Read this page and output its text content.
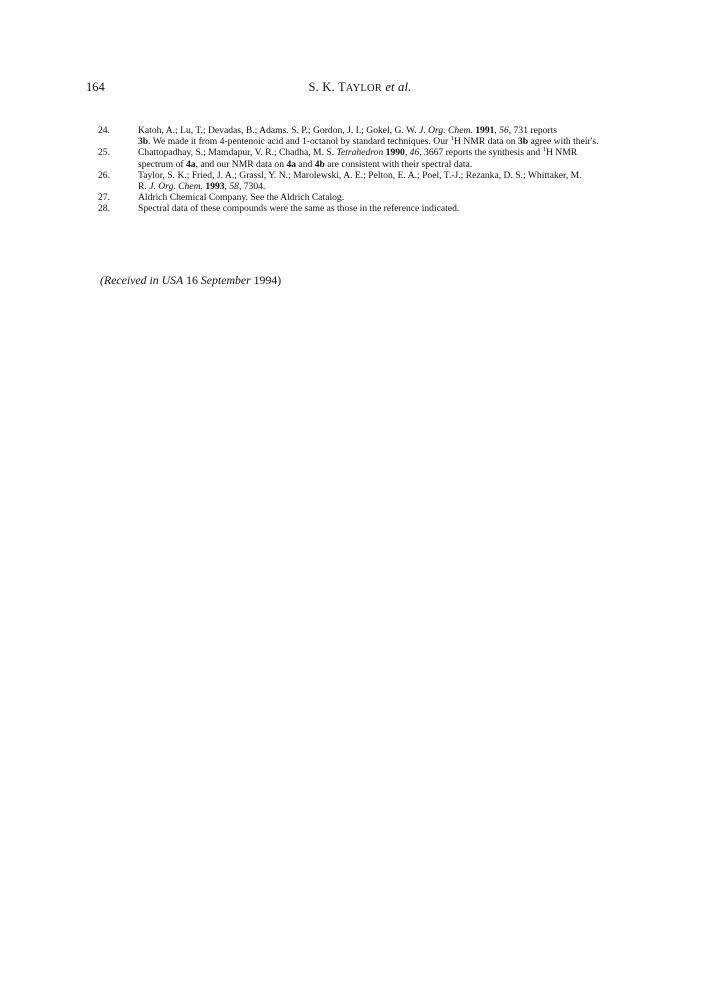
164	S. K. TAYLOR et al.
24.	Katoh, A.; Lu, T.; Devadas, B.; Adams. S. P.; Gordon, J. I.; Gokel, G. W. J. Org. Chem. 1991, 56, 731 reports
3b. We made it from 4-pentenoic acid and 1-octanol by standard techniques. Our $^1$H NMR data on 3b agree with their's.
25.	Chattopadhay, S.; Mamdapur, V. R.; Chadha, M. S. Tetrahedron 1990, 46, 3667 reports the synthesis and $^1$H NMR
spectrum of 4a, and our NMR data on 4a and 4b are consistent with their spectral data.
26.	Taylor, S. K.; Fried, J. A.; Grassl, Y. N.; Marolewski, A. E.; Pelton, E. A.; Poel, T.-J.; Rezanka, D. S.; Whittaker, M.
R. J. Org. Chem. 1993, 58, 7304.
27.	Aldrich Chemical Company. See the Aldrich Catalog.
28.	Spectral data of these compounds were the same as those in the reference indicated.
(Received in USA 16 September 1994)
